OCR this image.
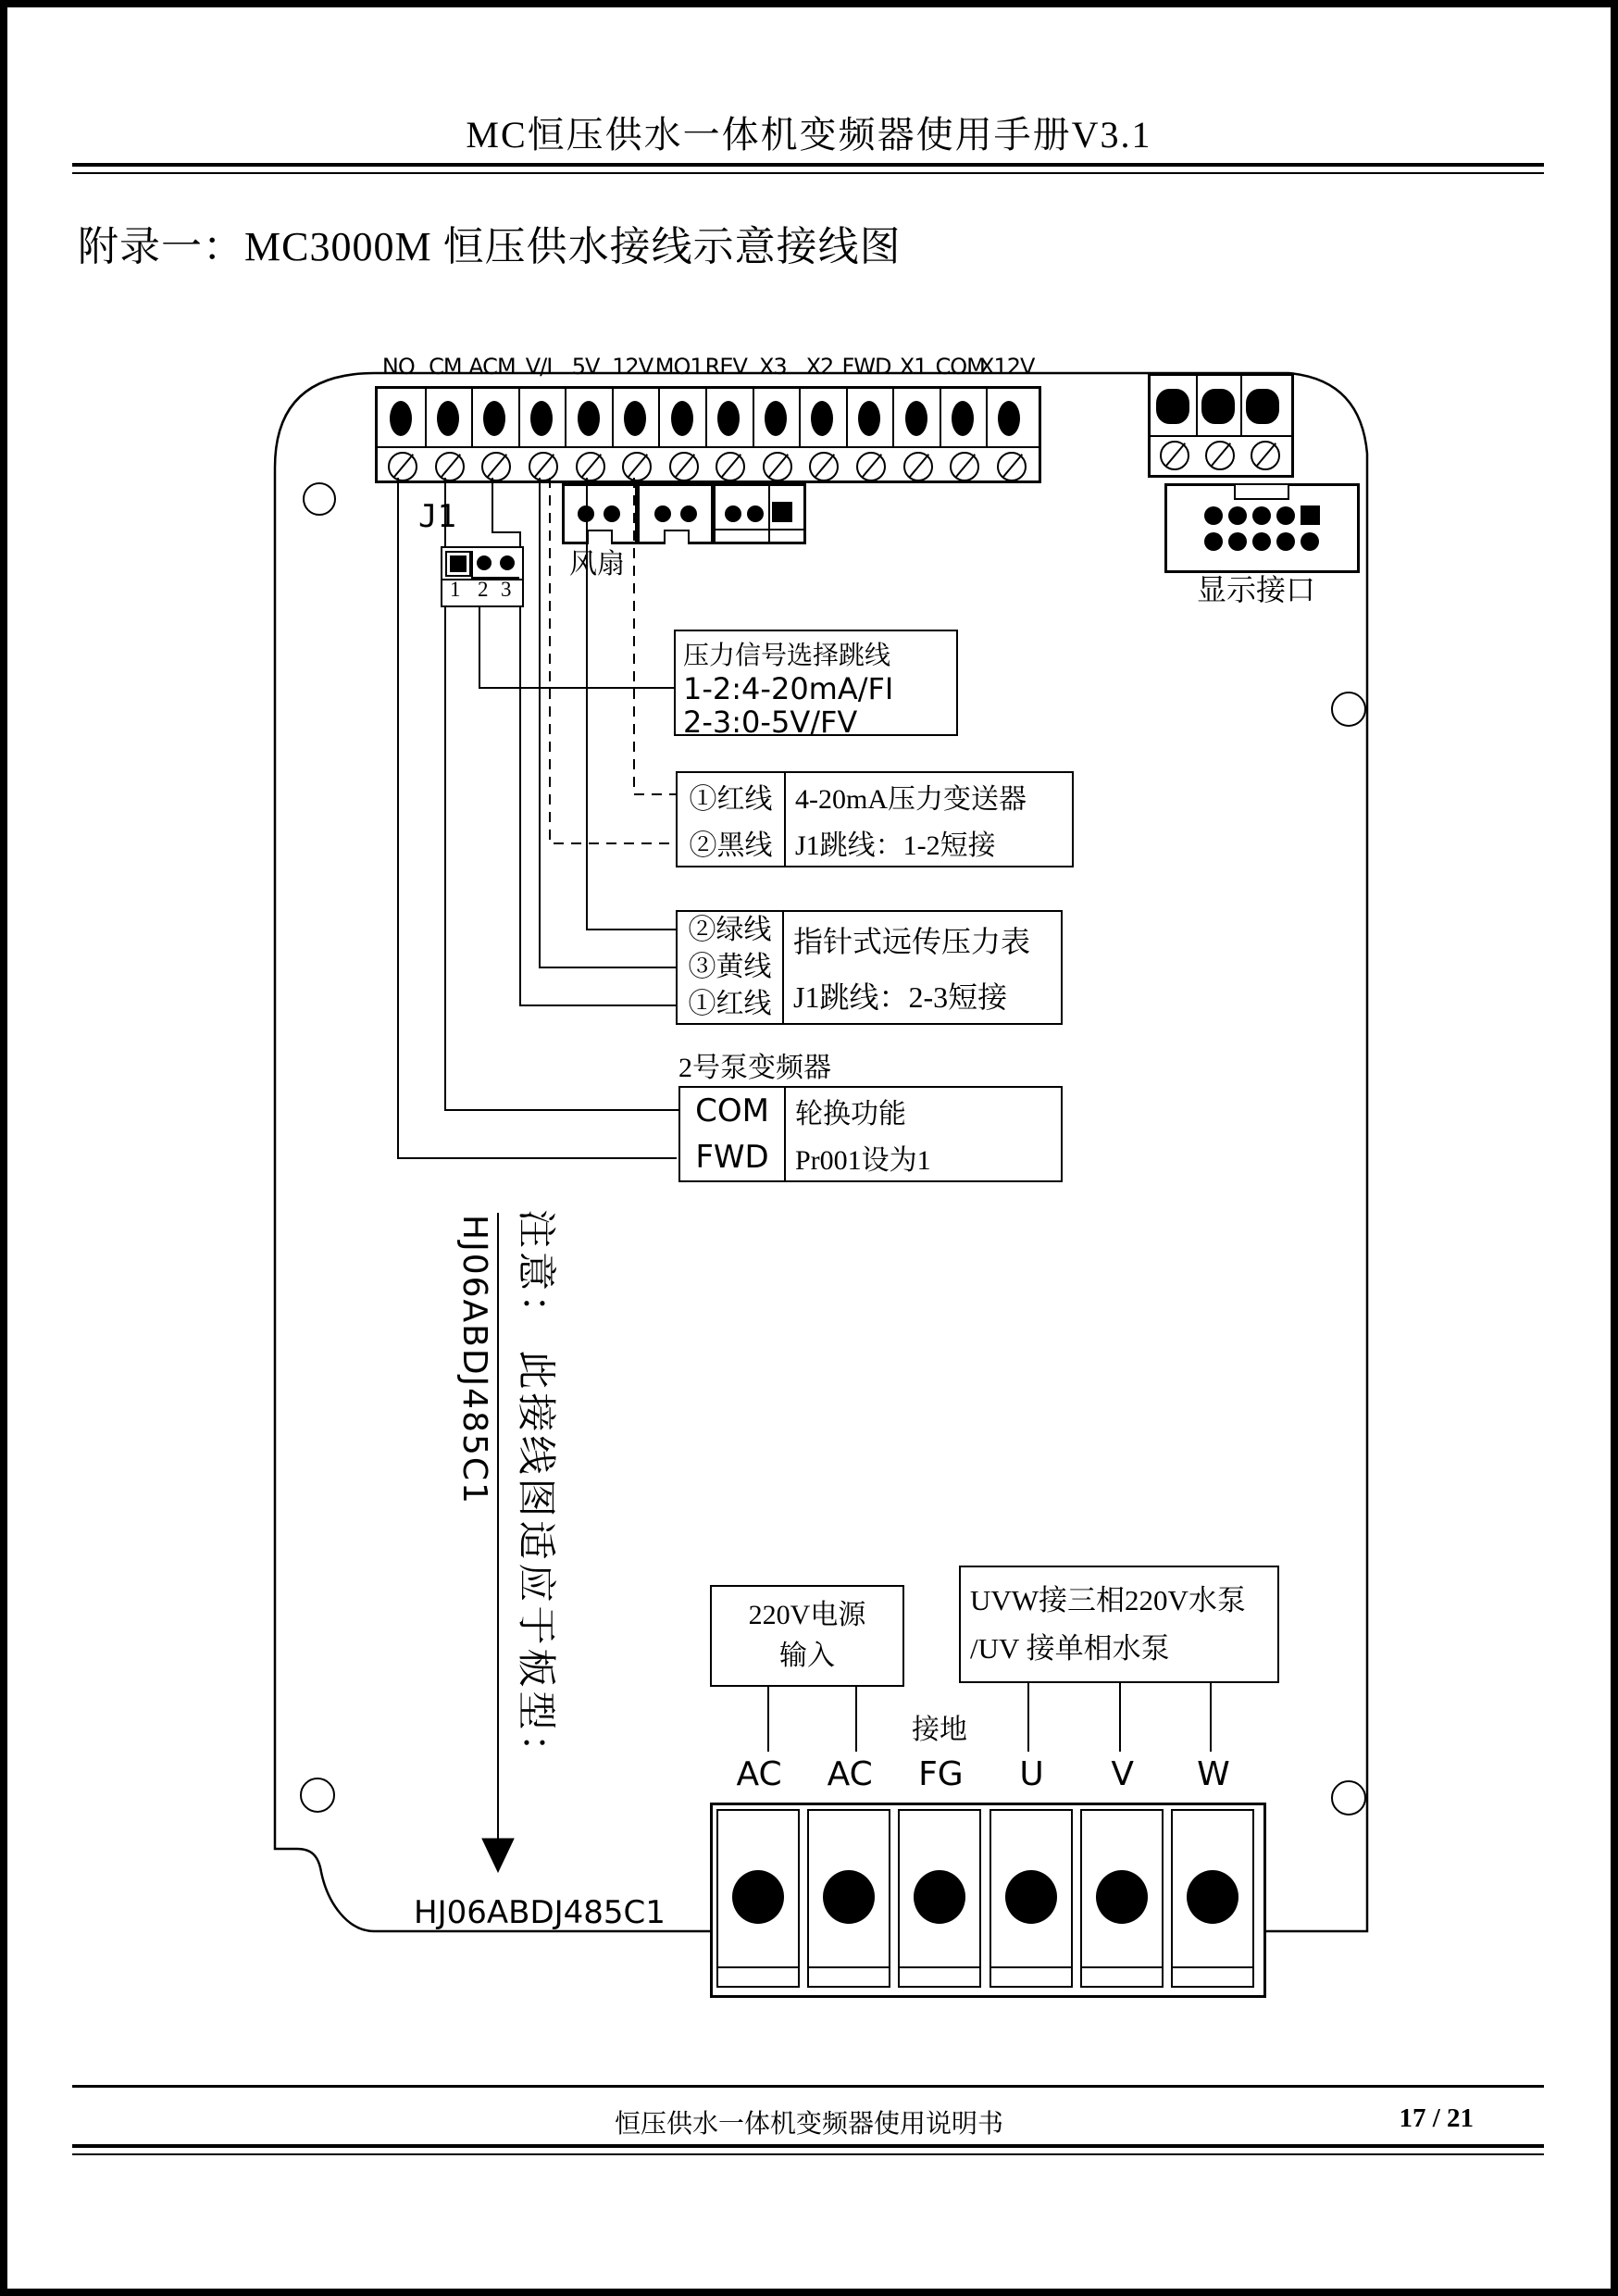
MC恒压供水一体机变频器使用手册V3.1
附录一：MC3000M 恒压供水接线示意接线图
NO CM ACM V/I 5V 12V MO1 REV X3 X2 FWD X1 COM
X12V
显示接口
风扇
J1
1 2 3
压力信号选择跳线
1-2:4-20mA/FI
2-3:0-5V/FV
①红线
②黑线
4-20mA压力变送器
J1跳线：1-2短接
②绿线
③黄线
①红线
指针式远传压力表
J1跳线：2-3短接
2号泵变频器
COM
FWD
轮换功能
Pr001设为1
注意： 此接线图适应于板型：
HJ06ABDJ485C1
220V电源
输入
UVW接三相220V水泵
/UV 接单相水泵
接地
AC AC FG U V W
HJ06ABDJ485C1
恒压供水一体机变频器使用说明书	17 / 21
